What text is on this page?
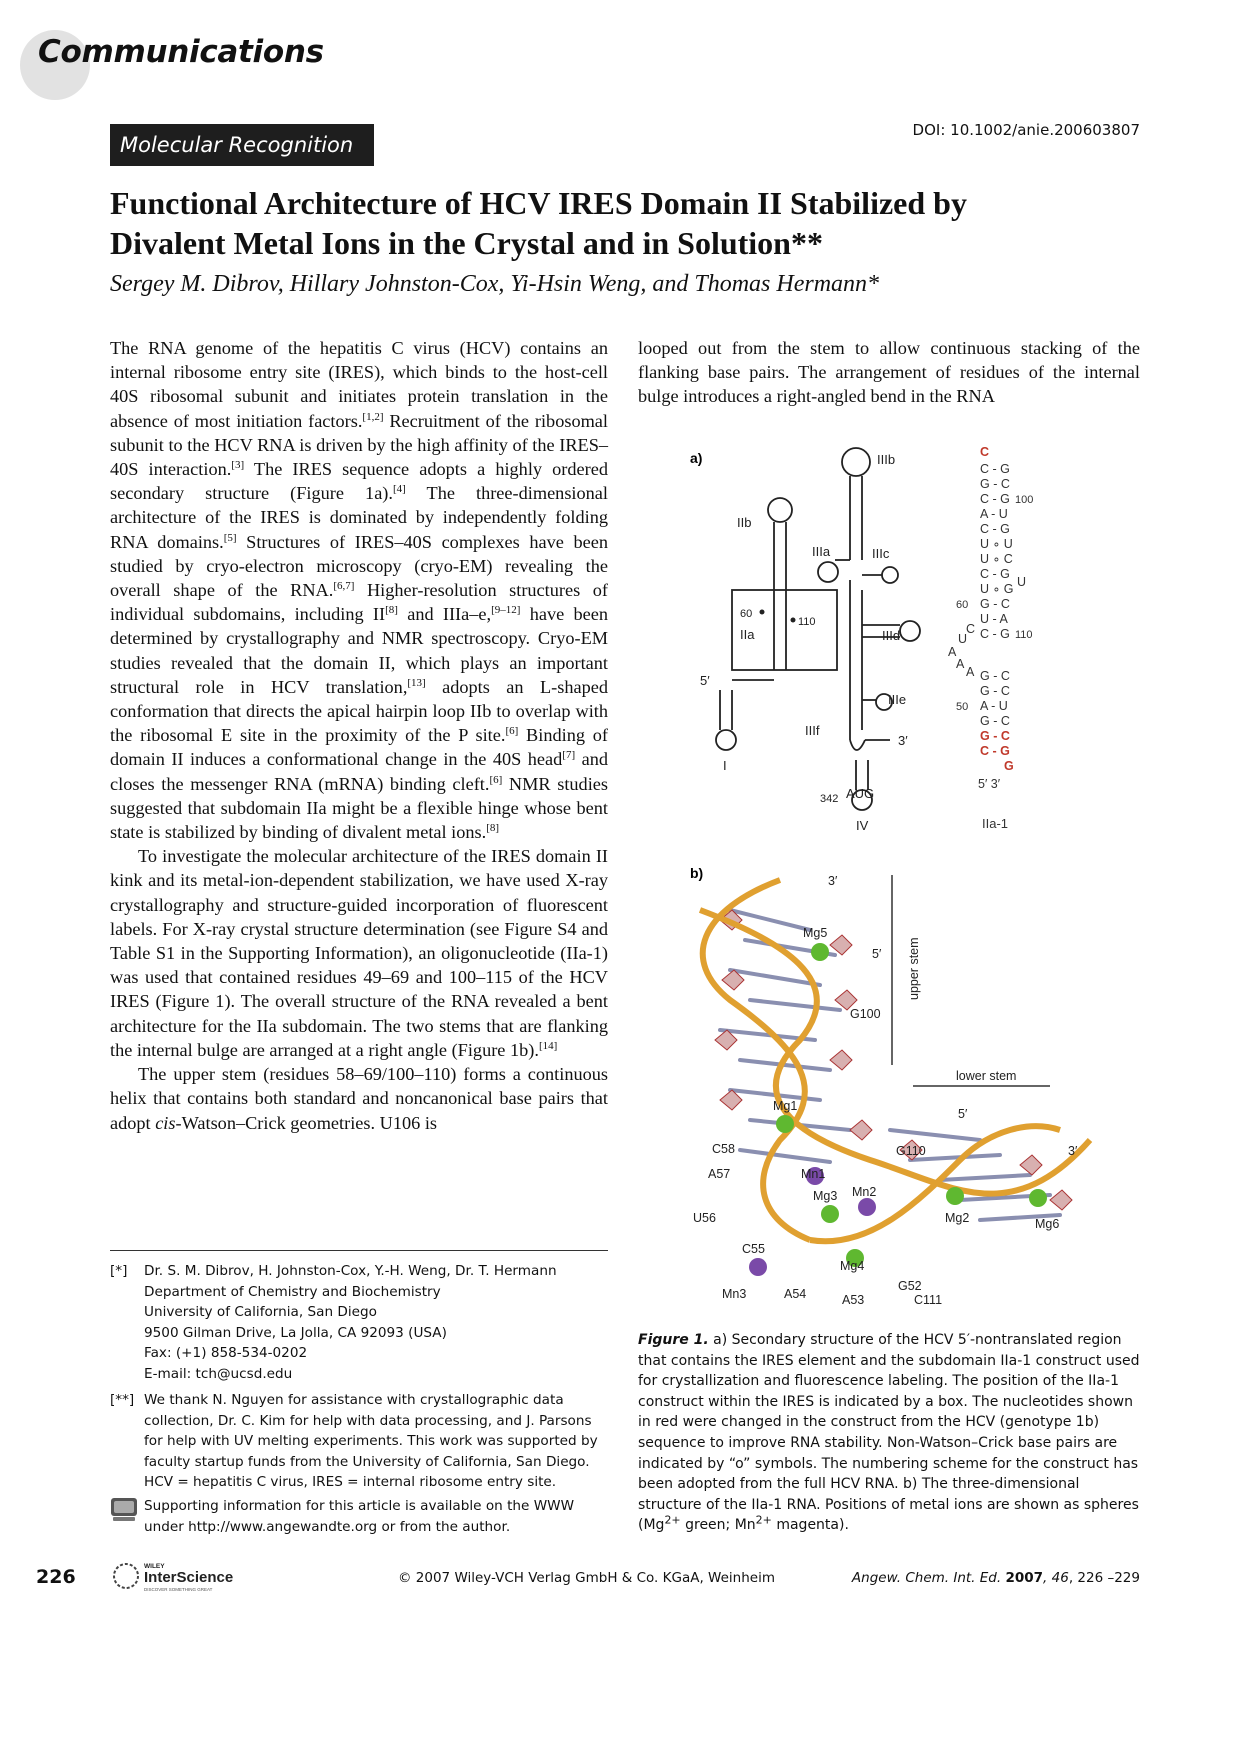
Communications
Molecular Recognition
DOI: 10.1002/anie.200603807
Functional Architecture of HCV IRES Domain II Stabilized by
Divalent Metal Ions in the Crystal and in Solution**
Sergey M. Dibrov, Hillary Johnston-Cox, Yi-Hsin Weng, and Thomas Hermann*

The RNA genome of the hepatitis C virus (HCV) contains an internal ribosome entry site (IRES), which binds to the host-cell 40S ribosomal subunit and initiates protein translation in the absence of most initiation factors.[1,2] Recruitment of the ribosomal subunit to the HCV RNA is driven by the high affinity of the IRES–40S interaction.[3] The IRES sequence adopts a highly ordered secondary structure (Figure 1a).[4] The three-dimensional architecture of the IRES is dominated by independently folding RNA domains.[5] Structures of IRES–40S complexes have been studied by cryo-electron microscopy (cryo-EM) revealing the overall shape of the RNA.[6,7] Higher-resolution structures of individual subdomains, including II[8] and IIIa–e,[9–12] have been determined by crystallography and NMR spectroscopy. Cryo-EM studies revealed that the domain II, which plays an important structural role in HCV translation,[13] adopts an L-shaped conformation that directs the apical hairpin loop IIb to overlap with the ribosomal E site in the proximity of the P site.[6] Binding of domain II induces a conformational change in the 40S head[7] and closes the messenger RNA (mRNA) binding cleft.[6] NMR studies suggested that subdomain IIa might be a flexible hinge whose bent state is stabilized by binding of divalent metal ions.[8]

To investigate the molecular architecture of the IRES domain II kink and its metal-ion-dependent stabilization, we have used X-ray crystallography and structure-guided incorporation of fluorescent labels. For X-ray crystal structure determination (see Figure S4 and Table S1 in the Supporting Information), an oligonucleotide (IIa-1) was used that contained residues 49–69 and 100–115 of the HCV IRES (Figure 1). The overall structure of the RNA revealed a bent architecture for the IIa subdomain. The two stems that are flanking the internal bulge are arranged at a right angle (Figure 1b).[14]

The upper stem (residues 58–69/100–110) forms a continuous helix that contains both standard and noncanonical base pairs that adopt cis-Watson–Crick geometries. U106 is

looped out from the stem to allow continuous stacking of the flanking base pairs. The arrangement of residues of the internal bulge introduces a right-angled bend in the RNA

[*]	Dr. S. M. Dibrov, H. Johnston-Cox, Y.-H. Weng, Dr. T. Hermann
Department of Chemistry and Biochemistry
University of California, San Diego
9500 Gilman Drive, La Jolla, CA 92093 (USA)
Fax: (+1) 858-534-0202
E-mail: tch@ucsd.edu
[**] We thank N. Nguyen for assistance with crystallographic data collection, Dr. C. Kim for help with data processing, and J. Parsons for help with UV melting experiments. This work was supported by faculty startup funds from the University of California, San Diego. HCV = hepatitis C virus, IRES = internal ribosome entry site.
Supporting information for this article is available on the WWW under http://www.angewandte.org or from the author.
a)	IIIb
IIb
IIIa	IIIc
60
110
IIa	IIId
5′
IIIe
IIIf
3′
I
342 AUG
IV
C
C - G
G - C
C - G
A - U
C - G
U ∘ U
U ∘ C
C - G
U ∘ G
G - C
U - A
C - G
G - C
G - C
A - U
G - C
G - C
C - G
100
60
110
50
C
U
A
A
A
U
G
5′ 3′
IIa-1
b)	3′
Mg5
5′ upper stem
G100
lower stem
Mg1
5′
C58	G110	3′
A57	Mn1
Mg3 Mn2
Mg2	Mg6
U56
C55
Mg4
G52
Mn3	A54	A53	C111
Figure 1. a) Secondary structure of the HCV 5′-nontranslated region that contains the IRES element and the subdomain IIa-1 construct used for crystallization and fluorescence labeling. The position of the IIa-1 construct within the IRES is indicated by a box. The nucleotides shown in red were changed in the construct from the HCV (genotype 1b) sequence to improve RNA stability. Non-Watson–Crick base pairs are indicated by “o” symbols. The numbering scheme for the construct has been adopted from the full HCV RNA. b) The three-dimensional structure of the IIa-1 RNA. Positions of metal ions are shown as spheres ($Mg^{2+}$ green; $Mn^{2+}$ magenta).
226	WILEY
InterScience
DISCOVER SOMETHING GREAT
© 2007 Wiley-VCH Verlag GmbH & Co. KGaA, Weinheim	Angew. Chem. Int. Ed. 2007, 46, 226 –229
